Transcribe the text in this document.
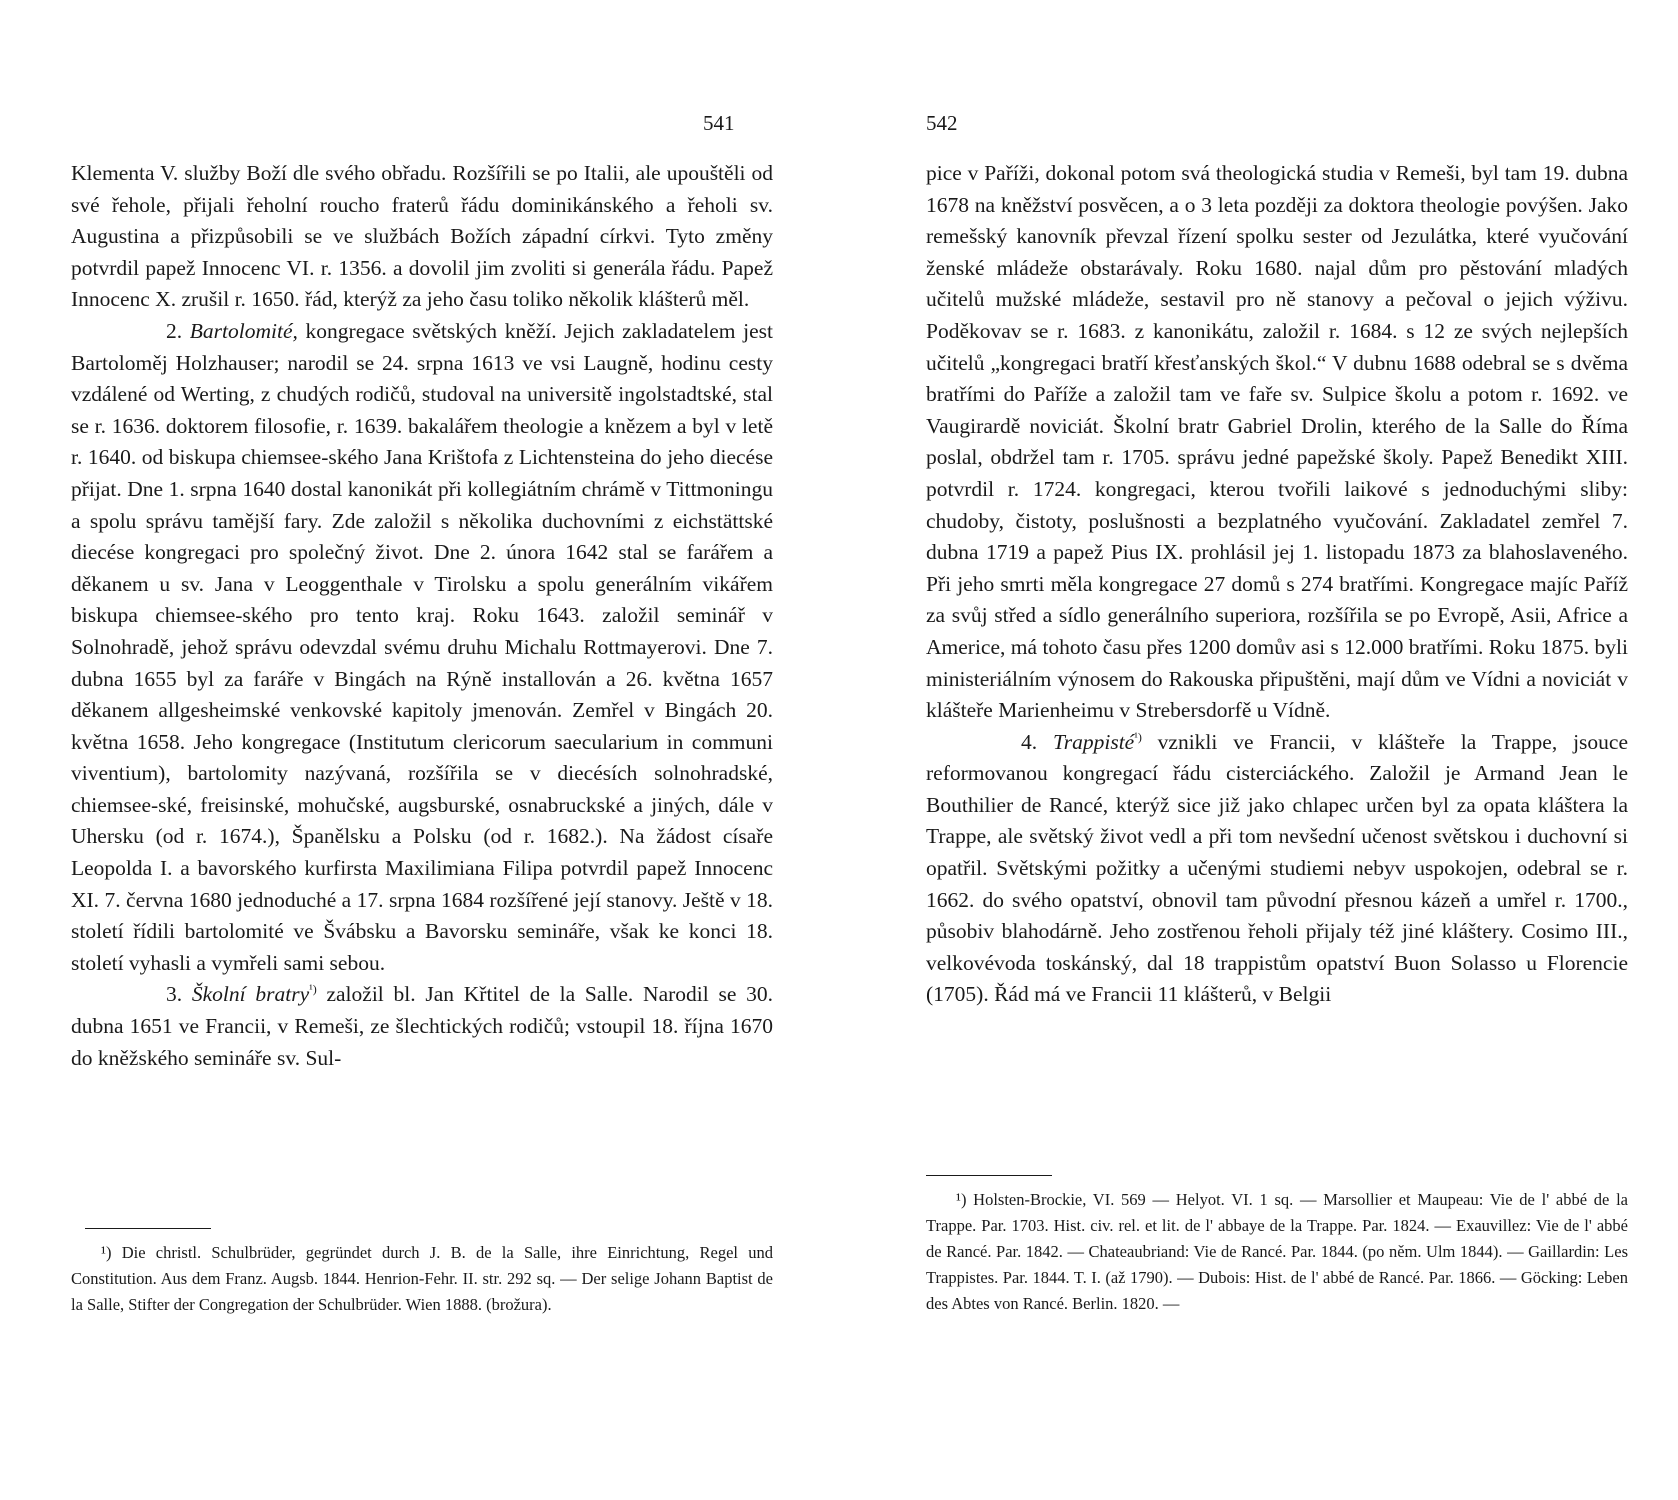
541

Klementa V. služby Boží dle svého obřadu. Rozšířili se po Italii, ale upouštěli od své řehole, přijali řeholní roucho fraterů řádu dominikánského a řeholi sv. Augustina a přizpůsobili se ve službách Božích západní církvi. Tyto změny potvrdil papež Innocenc VI. r. 1356. a dovolil jim zvoliti si generála řádu. Papež Innocenc X. zrušil r. 1650. řád, kterýž za jeho času toliko několik klášterů měl.

2. Bartolomité, kongregace světských kněží. Jejich zakladatelem jest Bartoloměj Holzhauser; narodil se 24. srpna 1613 ve vsi Laugně, hodinu cesty vzdálené od Werting, z chudých rodičů, studoval na universitě ingolstadtské, stal se r. 1636. doktorem filosofie, r. 1639. bakalářem theologie a knězem a byl v letě r. 1640. od biskupa chiemsee-ského Jana Krištofa z Lichtensteina do jeho diecése přijat. Dne 1. srpna 1640 dostal kanonikát při kollegiátním chrámě v Tittmoningu a spolu správu tamější fary. Zde založil s několika duchovními z eichstättské diecése kongregaci pro společný život. Dne 2. února 1642 stal se farářem a děkanem u sv. Jana v Leoggenthale v Tirolsku a spolu generálním vikářem biskupa chiemsee-ského pro tento kraj. Roku 1643. založil seminář v Solnohradě, jehož správu odevzdal svému druhu Michalu Rottmayerovi. Dne 7. dubna 1655 byl za faráře v Bingách na Rýně installován a 26. května 1657 děkanem allgesheimské venkovské kapitoly jmenován. Zemřel v Bingách 20. května 1658. Jeho kongregace (Institutum clericorum saecularium in communi viventium), bartolomity nazývaná, rozšířila se v diecésích solnohradské, chiemsee-ské, freisinské, mohučské, augsburské, osnabruckské a jiných, dále v Uhersku (od r. 1674.), Španělsku a Polsku (od r. 1682.). Na žádost císaře Leopolda I. a bavorského kurfirsta Maxilimiana Filipa potvrdil papež Innocenc XI. 7. června 1680 jednoduché a 17. srpna 1684 rozšířené její stanovy. Ještě v 18. století řídili bartolomité ve Švábsku a Bavorsku semináře, však ke konci 18. století vyhasli a vymřeli sami sebou.

3. Školní bratry$^{^1)}$ založil bl. Jan Křtitel de la Salle. Narodil se 30. dubna 1651 ve Francii, v Remeši, ze šlechtických rodičů; vstoupil 18. října 1670 do kněžského semináře sv. Sul-

¹) Die christl. Schulbrüder, gegründet durch J. B. de la Salle, ihre Einrichtung, Regel und Constitution. Aus dem Franz. Augsb. 1844. Henrion-Fehr. II. str. 292 sq. — Der selige Johann Baptist de la Salle, Stifter der Congregation der Schulbrüder. Wien 1888. (brožura).

542

pice v Paříži, dokonal potom svá theologická studia v Remeši, byl tam 19. dubna 1678 na kněžství posvěcen, a o 3 leta později za doktora theologie povýšen. Jako remešský kanovník převzal řízení spolku sester od Jezulátka, které vyučování ženské mládeže obstarávaly. Roku 1680. najal dům pro pěstování mladých učitelů mužské mládeže, sestavil pro ně stanovy a pečoval o jejich výživu. Poděkovav se r. 1683. z kanonikátu, založil r. 1684. s 12 ze svých nejlepších učitelů „kongregaci bratří křesťanských škol.“ V dubnu 1688 odebral se s dvěma bratřími do Paříže a založil tam ve faře sv. Sulpice školu a potom r. 1692. ve Vaugirardě noviciát. Školní bratr Gabriel Drolin, kterého de la Salle do Říma poslal, obdržel tam r. 1705. správu jedné papežské školy. Papež Benedikt XIII. potvrdil r. 1724. kongregaci, kterou tvořili laikové s jednoduchými sliby: chudoby, čistoty, poslušnosti a bezplatného vyučování. Zakladatel zemřel 7. dubna 1719 a papež Pius IX. prohlásil jej 1. listopadu 1873 za blahoslaveného. Při jeho smrti měla kongregace 27 domů s 274 bratřími. Kongregace majíc Paříž za svůj střed a sídlo generálního superiora, rozšířila se po Evropě, Asii, Africe a Americe, má tohoto času přes 1200 domův asi s 12.000 bratřími. Roku 1875. byli ministeriálním výnosem do Rakouska připuštěni, mají dům ve Vídni a noviciát v klášteře Marienheimu v Strebersdorfě u Vídně.

4. Trappisté$^{^1)}$ vznikli ve Francii, v klášteře la Trappe, jsouce reformovanou kongregací řádu cisterciáckého. Založil je Armand Jean le Bouthilier de Rancé, kterýž sice již jako chlapec určen byl za opata kláštera la Trappe, ale světský život vedl a při tom nevšední učenost světskou i duchovní si opatřil. Světskými požitky a učenými studiemi nebyv uspokojen, odebral se r. 1662. do svého opatství, obnovil tam původní přesnou kázeň a umřel r. 1700., působiv blahodárně. Jeho zostřenou řeholi přijaly též jiné kláštery. Cosimo III., velkovévoda toskánský, dal 18 trappistům opatství Buon Solasso u Florencie (1705). Řád má ve Francii 11 klášterů, v Belgii

¹) Holsten-Brockie, VI. 569 — Helyot. VI. 1 sq. — Marsollier et Maupeau: Vie de l' abbé de la Trappe. Par. 1703. Hist. civ. rel. et lit. de l' abbaye de la Trappe. Par. 1824. — Exauvillez: Vie de l' abbé de Rancé. Par. 1842. — Chateaubriand: Vie de Rancé. Par. 1844. (po něm. Ulm 1844). — Gaillardin: Les Trappistes. Par. 1844. T. I. (až 1790). — Dubois: Hist. de l' abbé de Rancé. Par. 1866. — Göcking: Leben des Abtes von Rancé. Berlin. 1820. —
